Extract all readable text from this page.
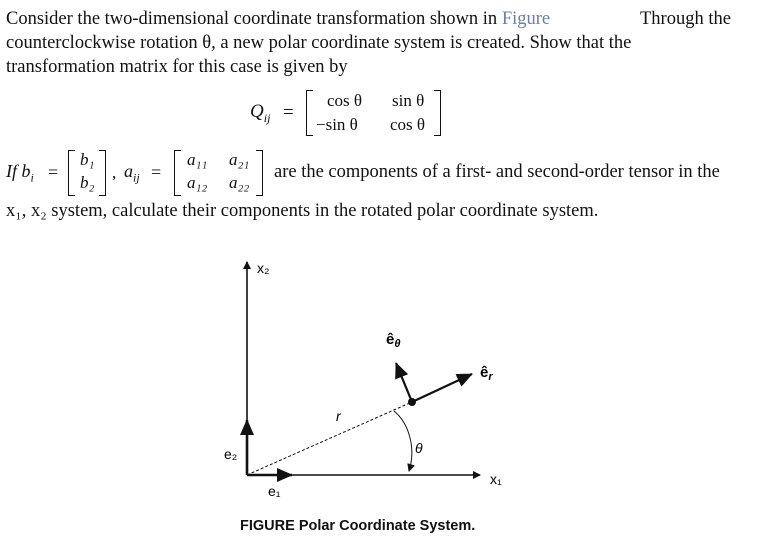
Consider the two-dimensional coordinate transformation shown in Figure	Through the
counterclockwise rotation θ, a new polar coordinate system is created. Show that the
transformation matrix for this case is given by
$Q_{ij}$ =
cos θ sin θ
−sin θ cos θ
If $b_i$ =
b₁
b₂
, $a_{ij}$ =
a₁₁ a₂₁
a₁₂ a₂₂
are the components of a first- and second-order tensor in the
x₁, x₂ system, calculate their components in the rotated polar coordinate system.
x₂
x₁
e₂
e₁
r
θ
$ê_\theta$
$ê_r$
FIGURE Polar Coordinate System.
